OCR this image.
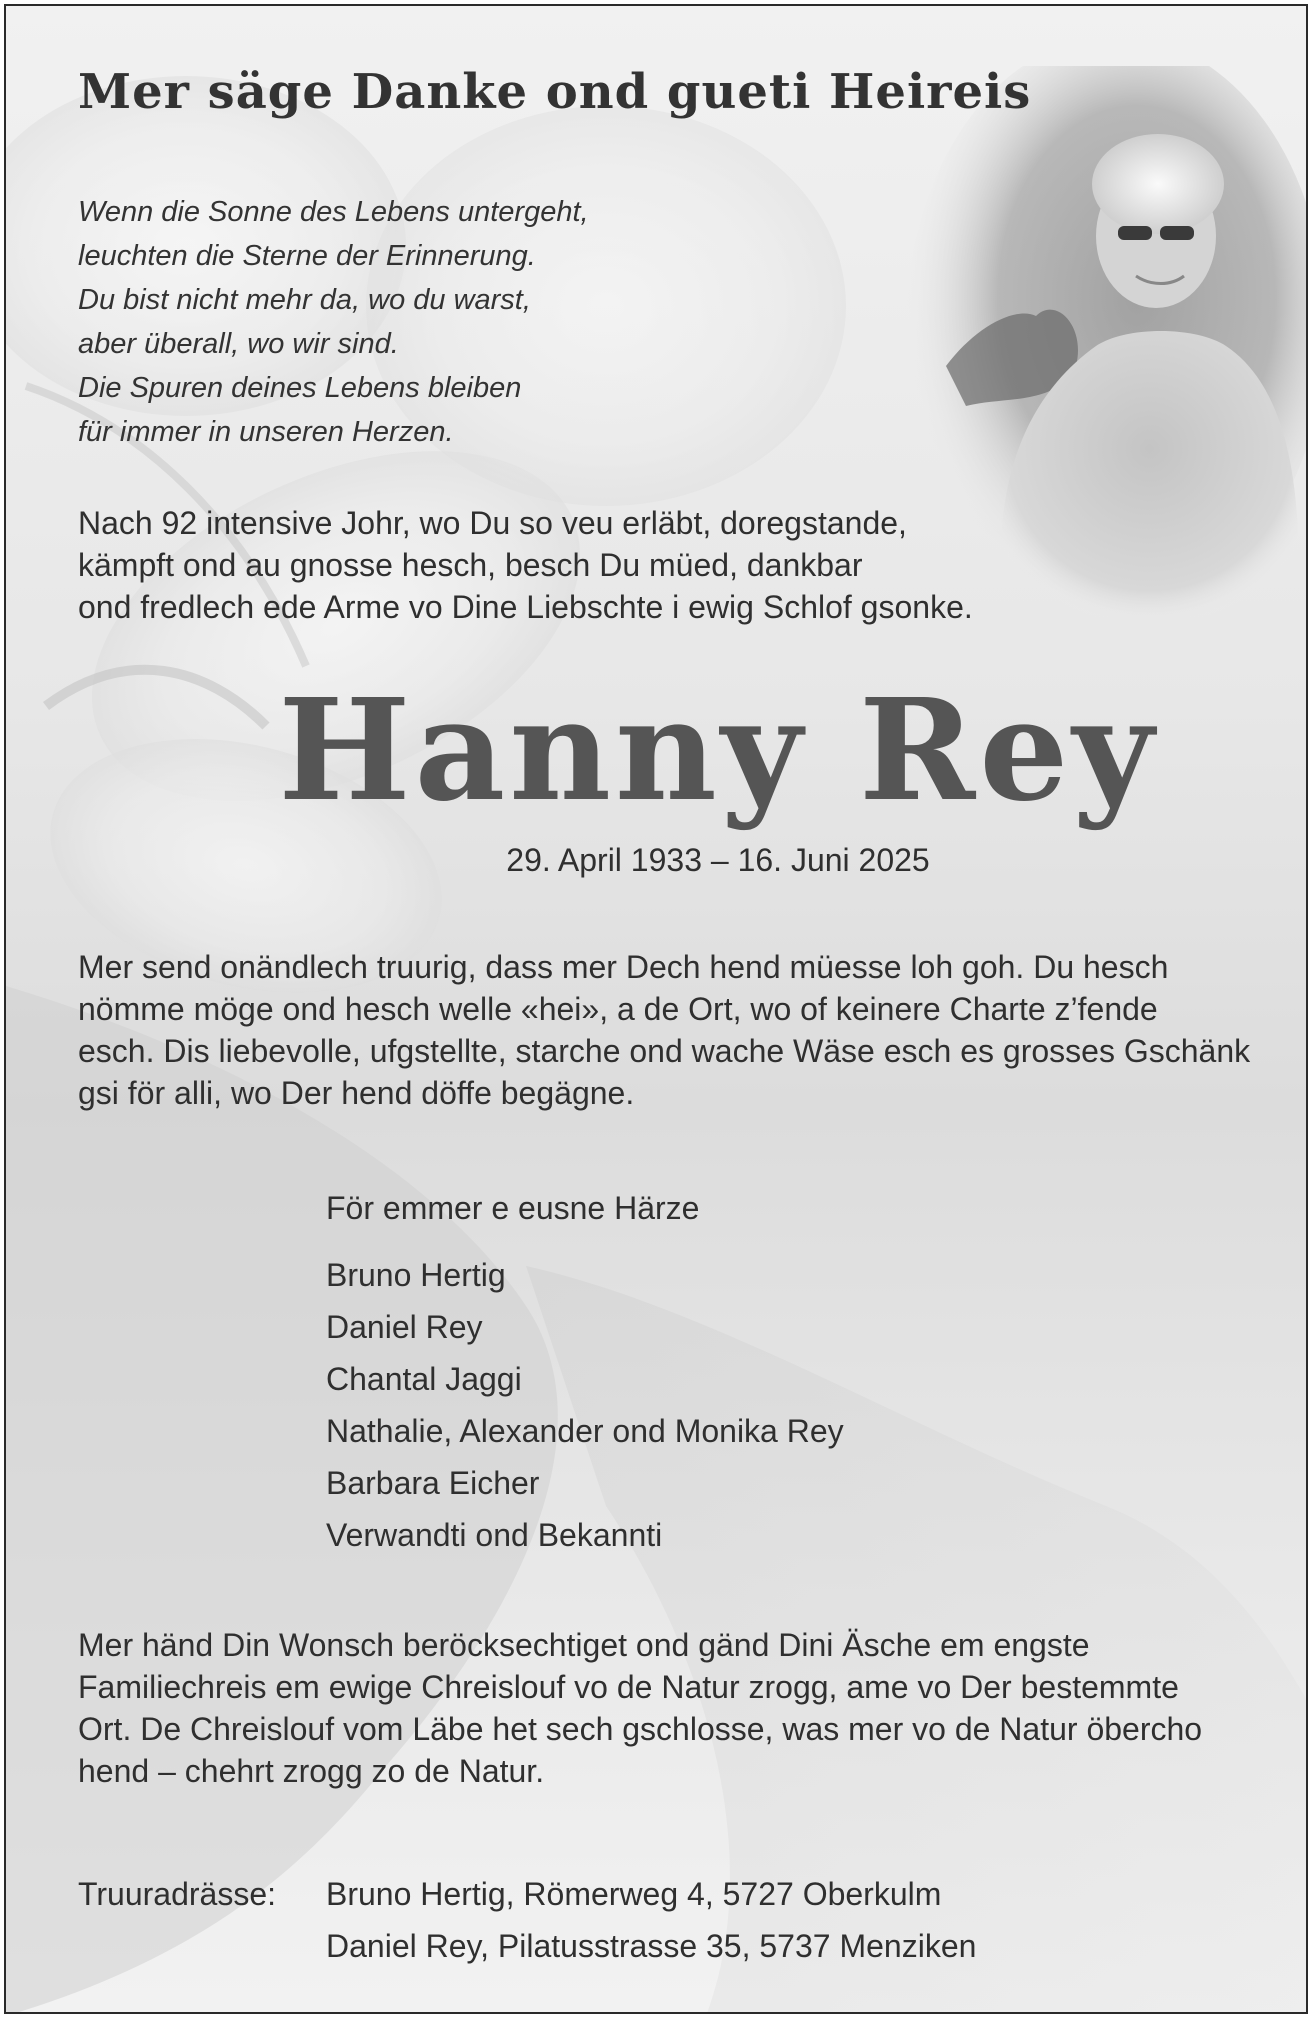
Mer säge Danke ond gueti Heireis
Wenn die Sonne des Lebens untergeht,
leuchten die Sterne der Erinnerung.
Du bist nicht mehr da, wo du warst,
aber überall, wo wir sind.
Die Spuren deines Lebens bleiben
für immer in unseren Herzen.
Nach 92 intensive Johr, wo Du so veu erläbt, doregstande,
kämpft ond au gnosse hesch, besch Du müed, dankbar
ond fredlech ede Arme vo Dine Liebschte i ewig Schlof gsonke.
Hanny Rey
29. April 1933 – 16. Juni 2025
Mer send onändlech truurig, dass mer Dech hend müesse loh goh. Du hesch
nömme möge ond hesch welle «hei», a de Ort, wo of keinere Charte z’fende
esch. Dis liebevolle, ufgstellte, starche ond wache Wäse esch es grosses Gschänk
gsi för alli, wo Der hend döffe begägne.
För emmer e eusne Härze
Bruno Hertig
Daniel Rey
Chantal Jaggi
Nathalie, Alexander ond Monika Rey
Barbara Eicher
Verwandti ond Bekannti
Mer händ Din Wonsch beröcksechtiget ond gänd Dini Äsche em engste
Familiechreis em ewige Chreislouf vo de Natur zrogg, ame vo Der bestemmte
Ort. De Chreislouf vom Läbe het sech gschlosse, was mer vo de Natur öbercho
hend – chehrt zrogg zo de Natur.
Truuradrässe: Bruno Hertig, Römerweg 4, 5727 Oberkulm
Daniel Rey, Pilatusstrasse 35, 5737 Menziken
